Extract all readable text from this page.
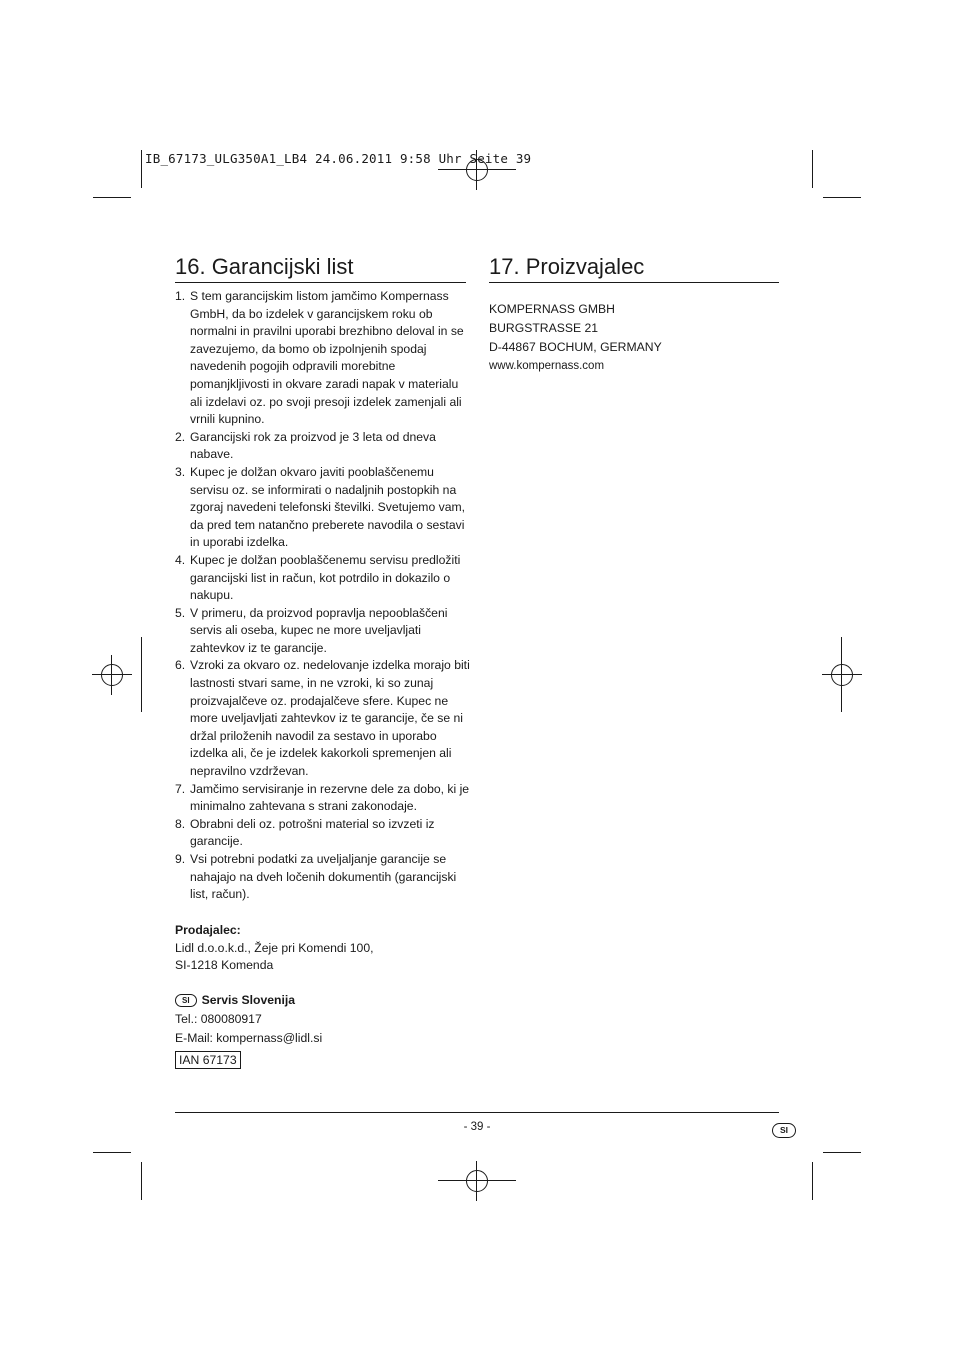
IB_67173_ULG350A1_LB4 24.06.2011 9:58 Uhr Seite 39
16. Garancijski list
1. S tem garancijskim listom jamčimo Kompernass GmbH, da bo izdelek v garancijskem roku ob normalni in pravilni uporabi brezhibno deloval in se zavezujemo, da bomo ob izpolnjenih spodaj navedenih pogojih odpravili morebitne pomanjkljivosti in okvare zaradi napak v materialu ali izdelavi oz. po svoji presoji izdelek zamenjali ali vrnili kupnino.
2. Garancijski rok za proizvod je 3 leta od dneva nabave.
3. Kupec je dolžan okvaro javiti pooblaščenemu servisu oz. se informirati o nadaljnih postopkih na zgoraj navedeni telefonski številki. Svetujemo vam, da pred tem natančno preberete navodila o sestavi in uporabi izdelka.
4. Kupec je dolžan pooblaščenemu servisu predložiti garancijski list in račun, kot potrdilo in dokazilo o nakupu.
5. V primeru, da proizvod popravlja nepooblaščeni servis ali oseba, kupec ne more uveljavljati zahtevkov iz te garancije.
6. Vzroki za okvaro oz. nedelovanje izdelka morajo biti lastnosti stvari same, in ne vzroki, ki so zunaj proizvajalčeve oz. prodajalčeve sfere. Kupec ne more uveljavljati zahtevkov iz te garancije, če se ni držal priloženih navodil za sestavo in uporabo izdelka ali, če je izdelek kakorkoli spremenjen ali nepravilno vzdrževan.
7. Jamčimo servisiranje in rezervne dele za dobo, ki je minimalno zahtevana s strani zakonodaje.
8. Obrabni deli oz. potrošni material so izvzeti iz garancije.
9. Vsi potrebni podatki za uveljaljanje garancije se nahajajo na dveh ločenih dokumentih (garancijski list, račun).
Prodajalec:
Lidl d.o.o.k.d., Žeje pri Komendi 100,
SI-1218 Komenda
SI Servis Slovenija
Tel.: 080080917
E-Mail: kompernass@lidl.si
IAN 67173
17. Proizvajalec
KOMPERNASS GMBH
BURGSTRASSE 21
D-44867 BOCHUM, GERMANY
www.kompernass.com
- 39 -	SI
